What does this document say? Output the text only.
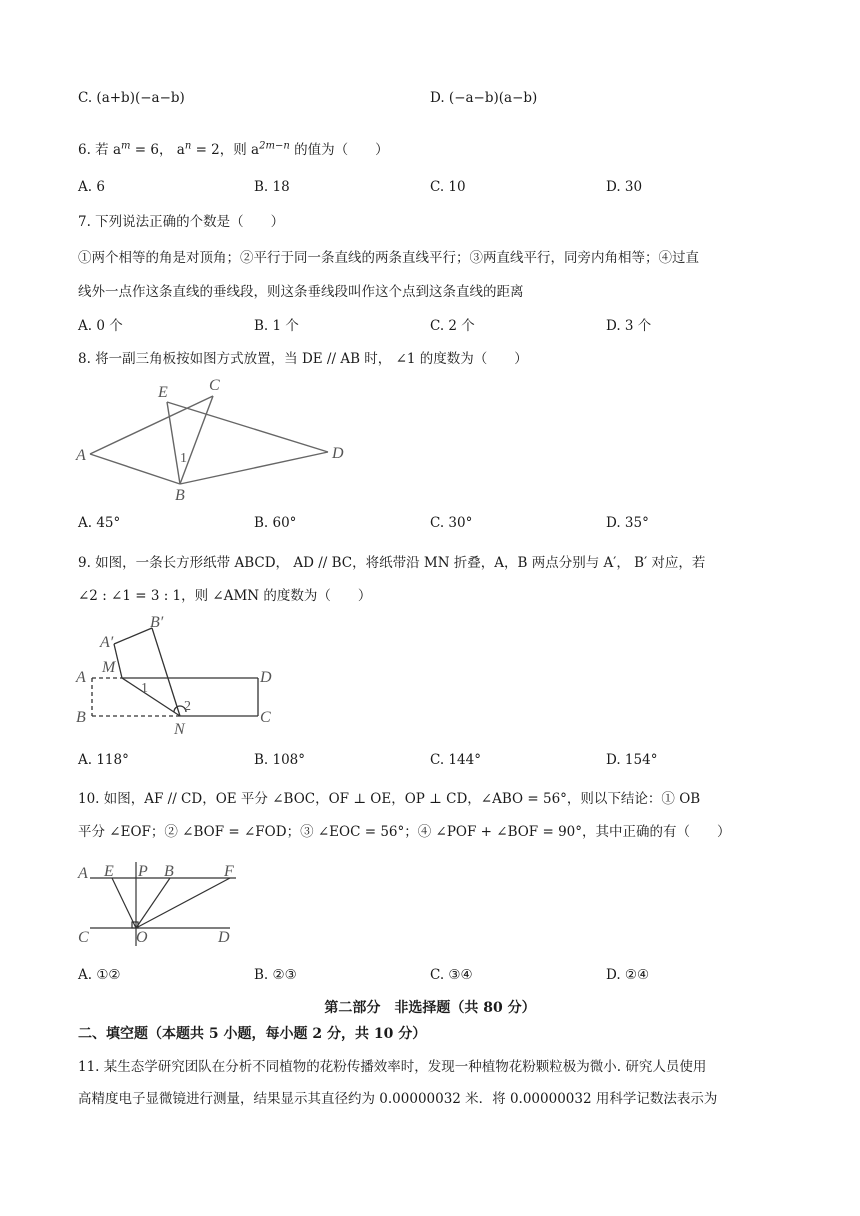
C. (a+b)(−a−b)	D. (−a−b)(a−b)
6. 若 $a^m = 6$， $a^n = 2$，则 $a^{2m-n}$ 的值为（　　）
A. 6	B. 18	C. 10	D. 30
7. 下列说法正确的个数是（　　）
①两个相等的角是对顶角；②平行于同一条直线的两条直线平行；③两直线平行，同旁内角相等；④过直
线外一点作这条直线的垂线段，则这条垂线段叫作这个点到这条直线的距离
A. 0 个	B. 1 个	C. 2 个	D. 3 个
8. 将一副三角板按如图方式放置，当 DE // AB 时， ∠1 的度数为（　　）
A
E	C
D
B
1
A. 45°	B. 60°	C. 30°	D. 35°
9. 如图，一条长方形纸带 ABCD， AD // BC，将纸带沿 MN 折叠，A，B 两点分别与 A′， B′ 对应，若
∠2 : ∠1 = 3 : 1，则 ∠AMN 的度数为（　　）
A′
B′
M
A
B
D
C
N
1
2
A. 118°	B. 108°	C. 144°	D. 154°
10. 如图，AF // CD，OE 平分 ∠BOC，OF ⊥ OE，OP ⊥ CD，∠ABO = 56°，则以下结论：① OB
平分 ∠EOF；② ∠BOF = ∠FOD；③ ∠EOC = 56°；④ ∠POF + ∠BOF = 90°，其中正确的有（　　）
A E P B	F
C	O	D
A. ①②	B. ②③	C. ③④	D. ②④
第二部分　非选择题（共 80 分）
二、填空题（本题共 5 小题，每小题 2 分，共 10 分）
11. 某生态学研究团队在分析不同植物的花粉传播效率时，发现一种植物花粉颗粒极为微小. 研究人员使用
高精度电子显微镜进行测量，结果显示其直径约为 0.00000032 米．将 0.00000032 用科学记数法表示为
